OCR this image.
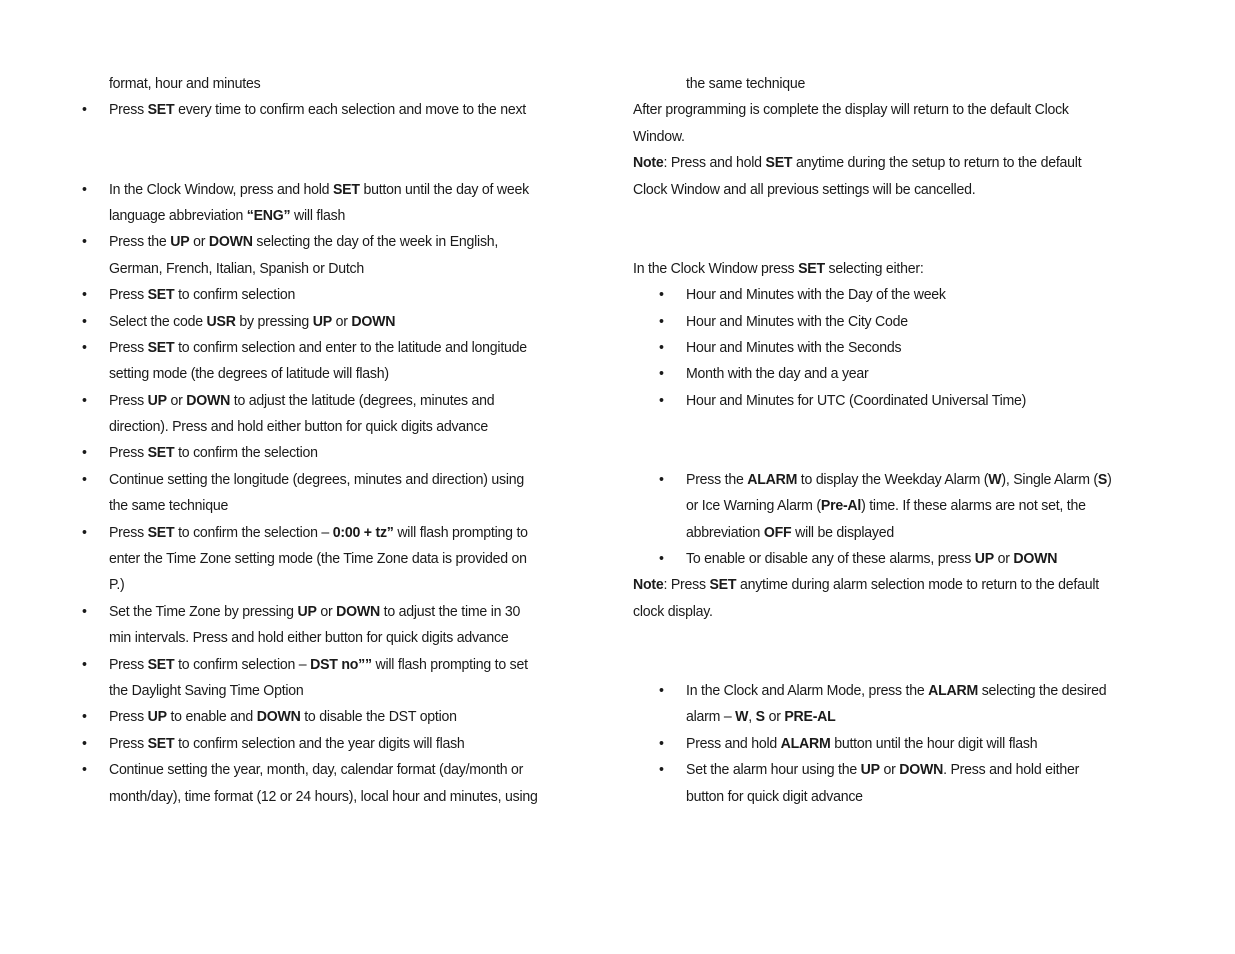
format, hour and minutes
• Press SET every time to confirm each selection and move to the next
• In the Clock Window, press and hold SET button until the day of week
language abbreviation “ENG” will flash
• Press the UP or DOWN selecting the day of the week in English,
German, French, Italian, Spanish or Dutch
• Press SET to confirm selection
• Select the code USR by pressing UP or DOWN
• Press SET to confirm selection and enter to the latitude and longitude
setting mode (the degrees of latitude will flash)
• Press UP or DOWN to adjust the latitude (degrees, minutes and
direction). Press and hold either button for quick digits advance
• Press SET to confirm the selection
• Continue setting the longitude (degrees, minutes and direction) using
the same technique
• Press SET to confirm the selection – 0:00 + tz” will flash prompting to
enter the Time Zone setting mode (the Time Zone data is provided on
P.)
• Set the Time Zone by pressing UP or DOWN to adjust the time in 30
min intervals. Press and hold either button for quick digits advance
• Press SET to confirm selection – DST no”” will flash prompting to set
the Daylight Saving Time Option
• Press UP to enable and DOWN to disable the DST option
• Press SET to confirm selection and the year digits will flash
• Continue setting the year, month, day, calendar format (day/month or
month/day), time format (12 or 24 hours), local hour and minutes, using
the same technique
After programming is complete the display will return to the default Clock
Window.
Note: Press and hold SET anytime during the setup to return to the default
Clock Window and all previous settings will be cancelled.
In the Clock Window press SET selecting either:
• Hour and Minutes with the Day of the week
• Hour and Minutes with the City Code
• Hour and Minutes with the Seconds
• Month with the day and a year
• Hour and Minutes for UTC (Coordinated Universal Time)
• Press the ALARM to display the Weekday Alarm (W), Single Alarm (S)
or Ice Warning Alarm (Pre-Al) time. If these alarms are not set, the
abbreviation OFF will be displayed
• To enable or disable any of these alarms, press UP or DOWN
Note: Press SET anytime during alarm selection mode to return to the default
clock display.
• In the Clock and Alarm Mode, press the ALARM selecting the desired
alarm – W, S or PRE-AL
• Press and hold ALARM button until the hour digit will flash
• Set the alarm hour using the UP or DOWN. Press and hold either
button for quick digit advance
